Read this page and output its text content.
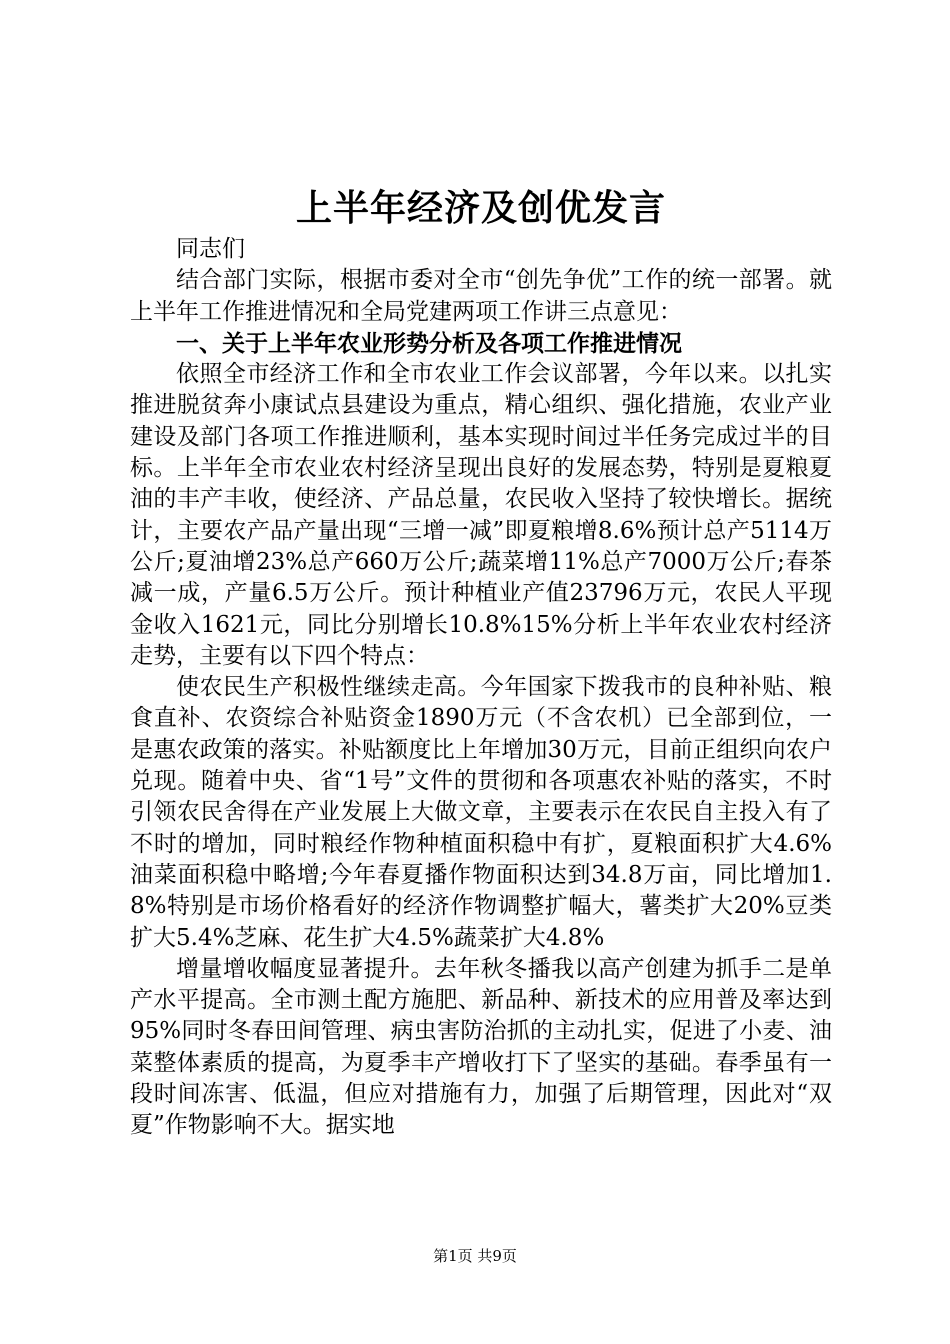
上半年经济及创优发言

同志们

结合部门实际，根据市委对全市“创先争优”工作的统一部署。就上半年工作推进情况和全局党建两项工作讲三点意见：

一、关于上半年农业形势分析及各项工作推进情况

依照全市经济工作和全市农业工作会议部署，今年以来。以扎实推进脱贫奔小康试点县建设为重点，精心组织、强化措施，农业产业建设及部门各项工作推进顺利，基本实现时间过半任务完成过半的目标。上半年全市农业农村经济呈现出良好的发展态势，特别是夏粮夏油的丰产丰收，使经济、产品总量，农民收入坚持了较快增长。据统计，主要农产品产量出现“三增一减”即夏粮增8.6%预计总产5114万公斤;夏油增23%总产660万公斤;蔬菜增11%总产7000万公斤;春茶减一成，产量6.5万公斤。预计种植业产值23796万元，农民人平现金收入1621元，同比分别增长10.8%15%分析上半年农业农村经济走势，主要有以下四个特点：

使农民生产积极性继续走高。今年国家下拨我市的良种补贴、粮食直补、农资综合补贴资金1890万元（不含农机）已全部到位，一是惠农政策的落实。补贴额度比上年增加30万元，目前正组织向农户兑现。随着中央、省“1号”文件的贯彻和各项惠农补贴的落实，不时引领农民舍得在产业发展上大做文章，主要表示在农民自主投入有了不时的增加，同时粮经作物种植面积稳中有扩，夏粮面积扩大4.6%油菜面积稳中略增;今年春夏播作物面积达到34.8万亩，同比增加1.8%特别是市场价格看好的经济作物调整扩幅大，薯类扩大20%豆类扩大5.4%芝麻、花生扩大4.5%蔬菜扩大4.8%

增量增收幅度显著提升。去年秋冬播我以高产创建为抓手二是单产水平提高。全市测土配方施肥、新品种、新技术的应用普及率达到95%同时冬春田间管理、病虫害防治抓的主动扎实，促进了小麦、油菜整体素质的提高，为夏季丰产增收打下了坚实的基础。春季虽有一段时间冻害、低温，但应对措施有力，加强了后期管理，因此对“双夏”作物影响不大。据实地

第1页 共9页
